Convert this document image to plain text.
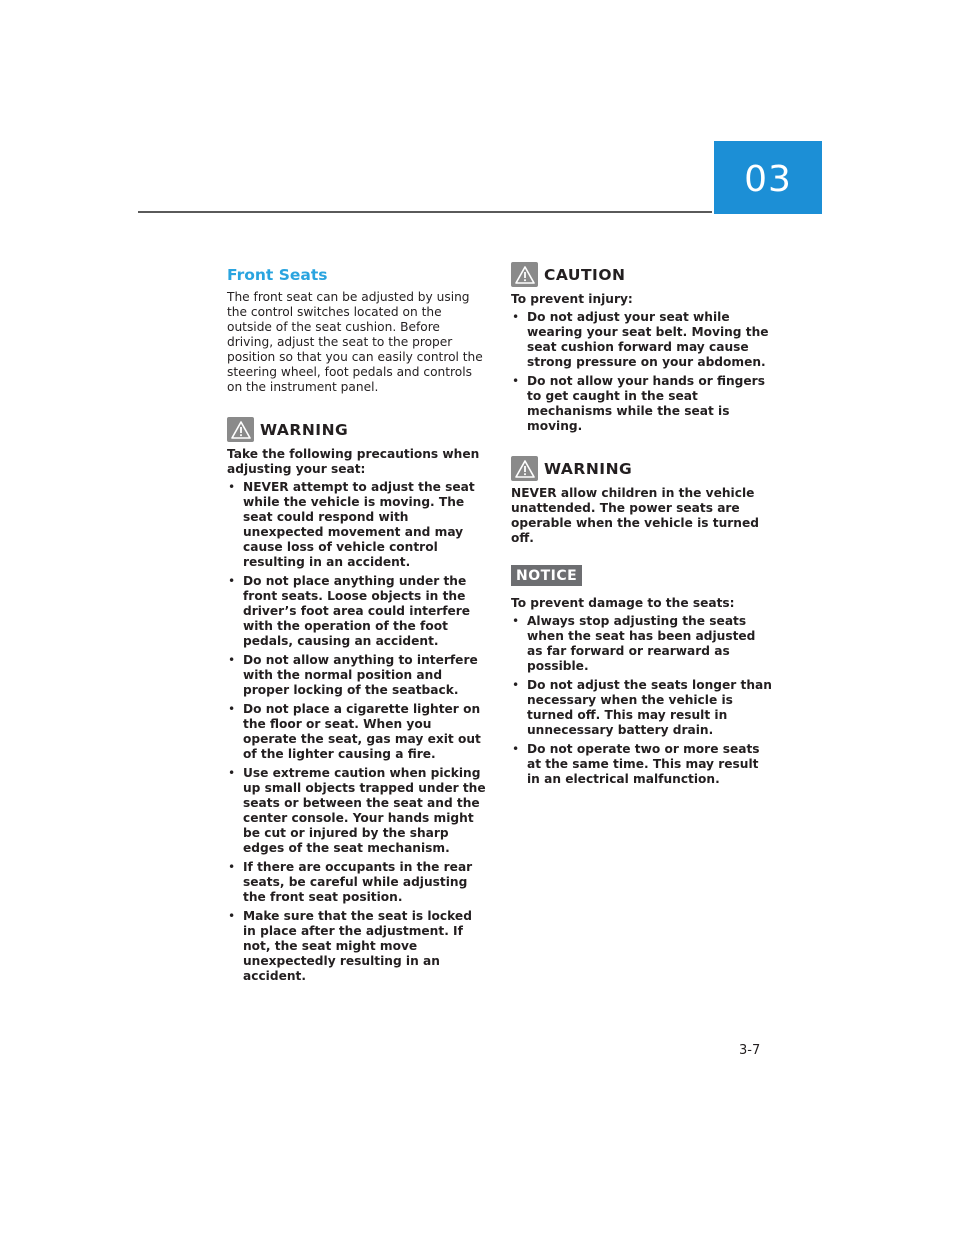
03
Front Seats

The front seat can be adjusted by using the control switches located on the outside of the seat cushion. Before driving, adjust the seat to the proper position so that you can easily control the steering wheel, foot pedals and controls on the instrument panel.

WARNING

Take the following precautions when adjusting your seat:

• NEVER attempt to adjust the seat while the vehicle is moving. The seat could respond with unexpected movement and may cause loss of vehicle control resulting in an accident.
• Do not place anything under the front seats. Loose objects in the driver’s foot area could interfere with the operation of the foot pedals, causing an accident.
• Do not allow anything to interfere with the normal position and proper locking of the seatback.
• Do not place a cigarette lighter on the floor or seat. When you operate the seat, gas may exit out of the lighter causing a fire.
• Use extreme caution when picking up small objects trapped under the seats or between the seat and the center console. Your hands might be cut or injured by the sharp edges of the seat mechanism.
• If there are occupants in the rear seats, be careful while adjusting the front seat position.
• Make sure that the seat is locked in place after the adjustment. If not, the seat might move unexpectedly resulting in an accident.
CAUTION

To prevent injury:

• Do not adjust your seat while wearing your seat belt. Moving the seat cushion forward may cause strong pressure on your abdomen.
• Do not allow your hands or fingers to get caught in the seat mechanisms while the seat is moving.
WARNING

NEVER allow children in the vehicle unattended. The power seats are operable when the vehicle is turned off.

NOTICE

To prevent damage to the seats:

• Always stop adjusting the seats when the seat has been adjusted as far forward or rearward as possible.
• Do not adjust the seats longer than necessary when the vehicle is turned off. This may result in unnecessary battery drain.
• Do not operate two or more seats at the same time. This may result in an electrical malfunction.
3-7
